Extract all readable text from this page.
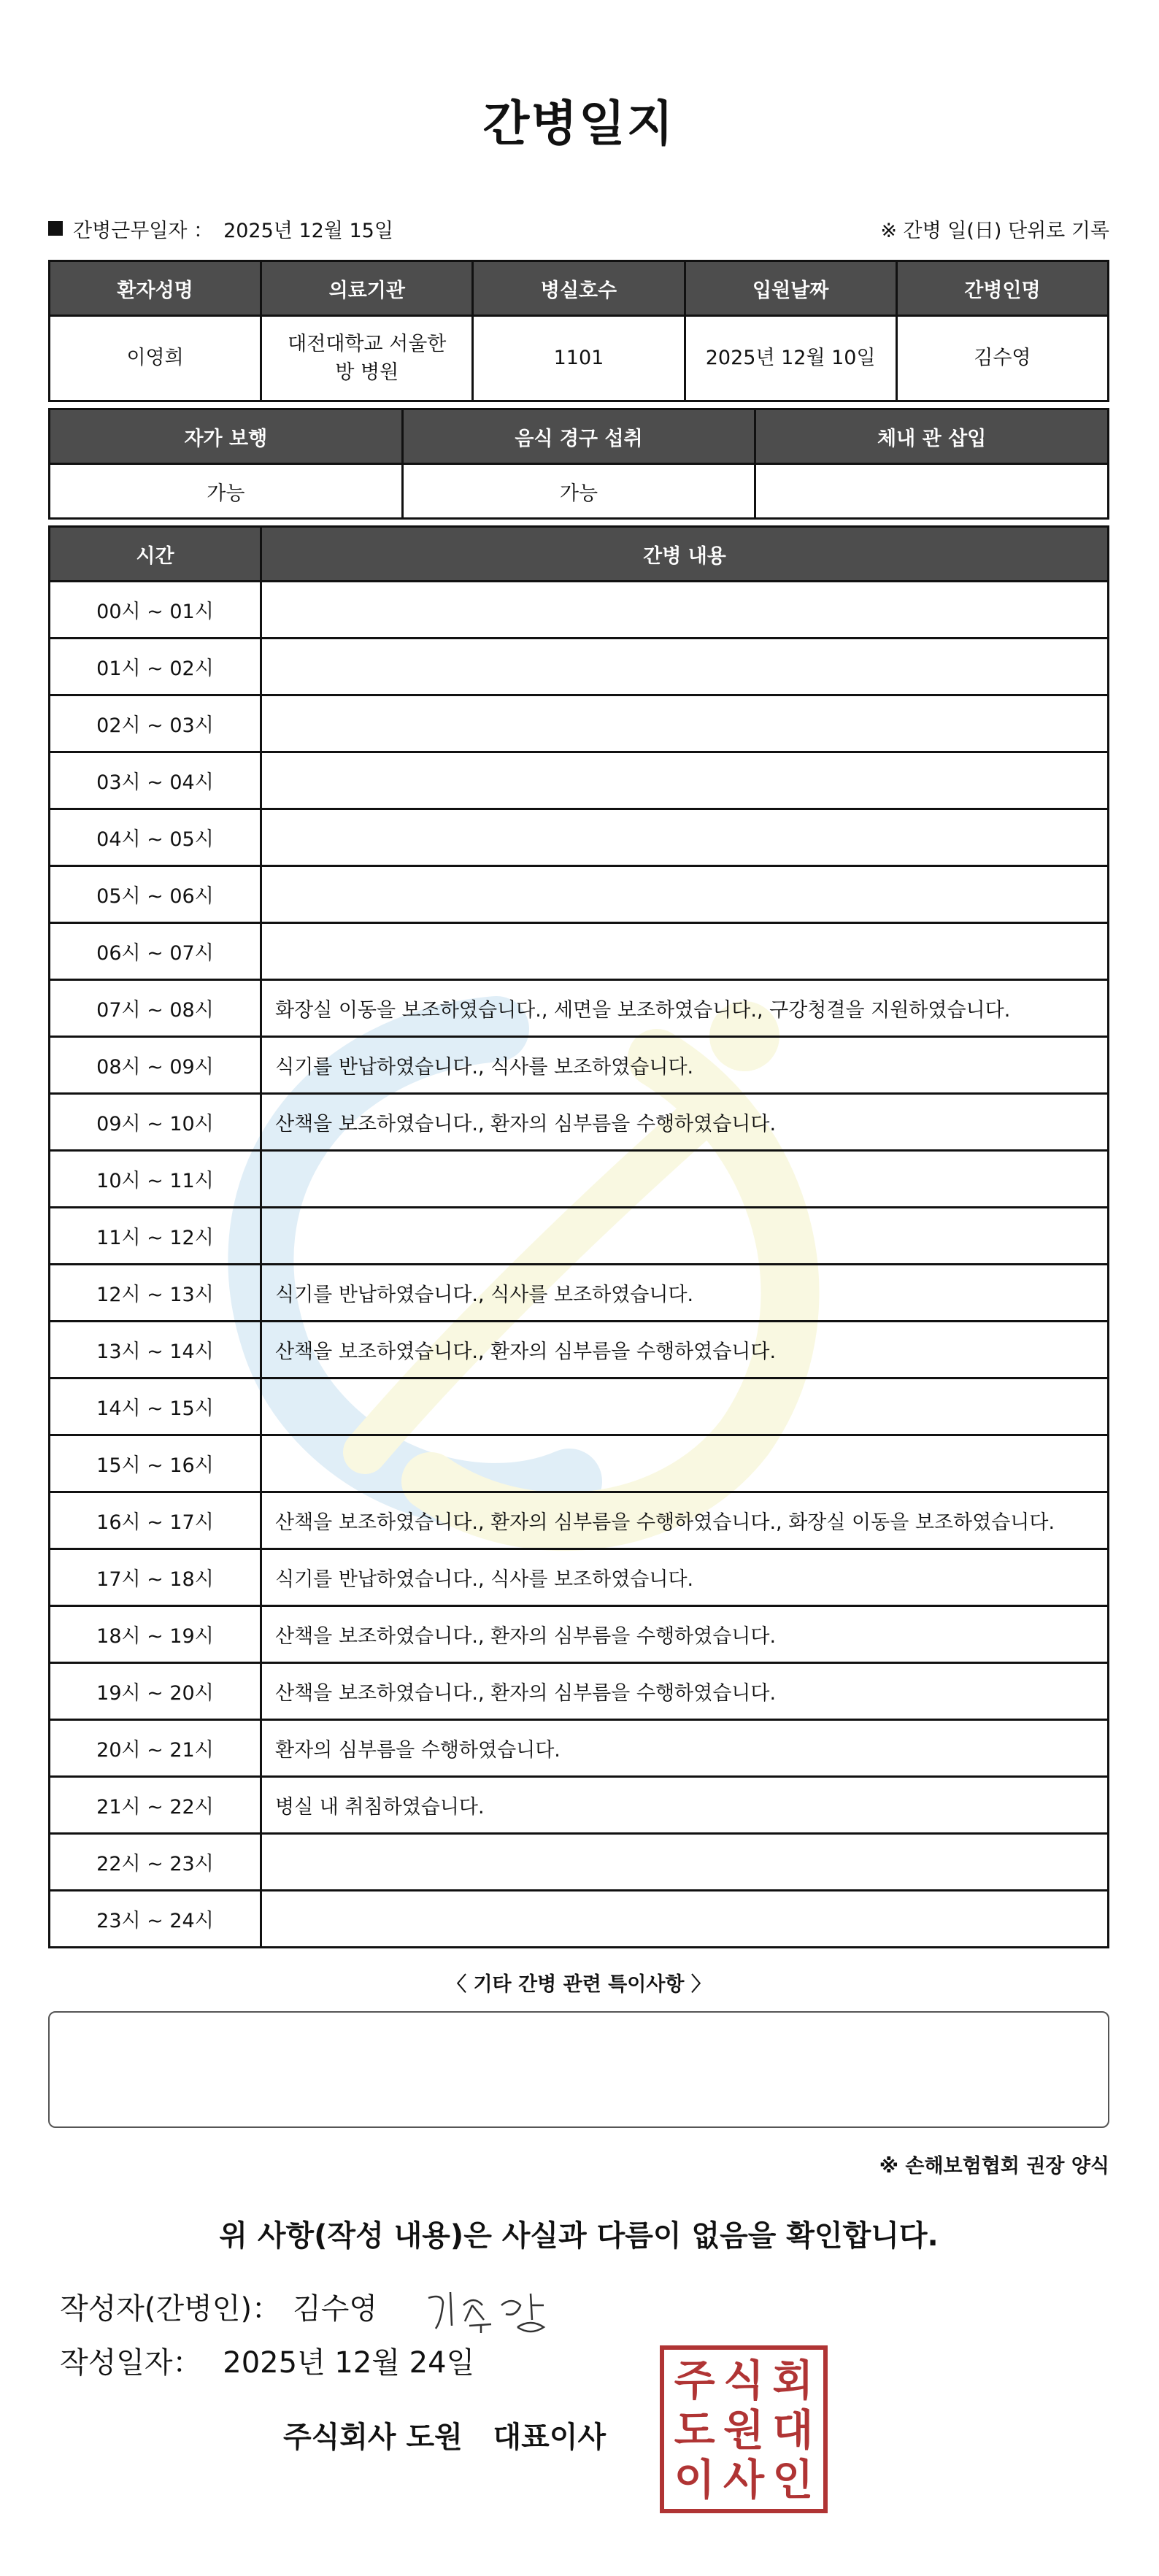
간병일지
간병근무일자 ： 2025년 12월 15일	※ 간병 일(日) 단위로 기록
환자성명	의료기관	병실호수	입원날짜	간병인명
이영희	대전대학교 서울한방 병원	1101	2025년 12월 10일	김수영
자가 보행	음식 경구 섭취	체내 관 삽입
가능	가능	
시간	간병 내용
00시 ~ 01시	
01시 ~ 02시	
02시 ~ 03시	
03시 ~ 04시	
04시 ~ 05시	
05시 ~ 06시	
06시 ~ 07시	
07시 ~ 08시	화장실 이동을 보조하였습니다., 세면을 보조하였습니다., 구강청결을 지원하였습니다.
08시 ~ 09시	식기를 반납하였습니다., 식사를 보조하였습니다.
09시 ~ 10시	산책을 보조하였습니다., 환자의 심부름을 수행하였습니다.
10시 ~ 11시	
11시 ~ 12시	
12시 ~ 13시	식기를 반납하였습니다., 식사를 보조하였습니다.
13시 ~ 14시	산책을 보조하였습니다., 환자의 심부름을 수행하였습니다.
14시 ~ 15시	
15시 ~ 16시	
16시 ~ 17시	산책을 보조하였습니다., 환자의 심부름을 수행하였습니다., 화장실 이동을 보조하였습니다.
17시 ~ 18시	식기를 반납하였습니다., 식사를 보조하였습니다.
18시 ~ 19시	산책을 보조하였습니다., 환자의 심부름을 수행하였습니다.
19시 ~ 20시	산책을 보조하였습니다., 환자의 심부름을 수행하였습니다.
20시 ~ 21시	환자의 심부름을 수행하였습니다.
21시 ~ 22시	병실 내 취침하였습니다.
22시 ~ 23시	
23시 ~ 24시	
〈 기타 간병 관련 특이사항 〉
※ 손해보험협회 권장 양식
위 사항(작성 내용)은 사실과 다름이 없음을 확인합니다.
작성자(간병인)： 김수영
작성일자： 2025년 12월 24일
주식회사 도원   대표이사
주 식 회
도 원 대
이 사 인
